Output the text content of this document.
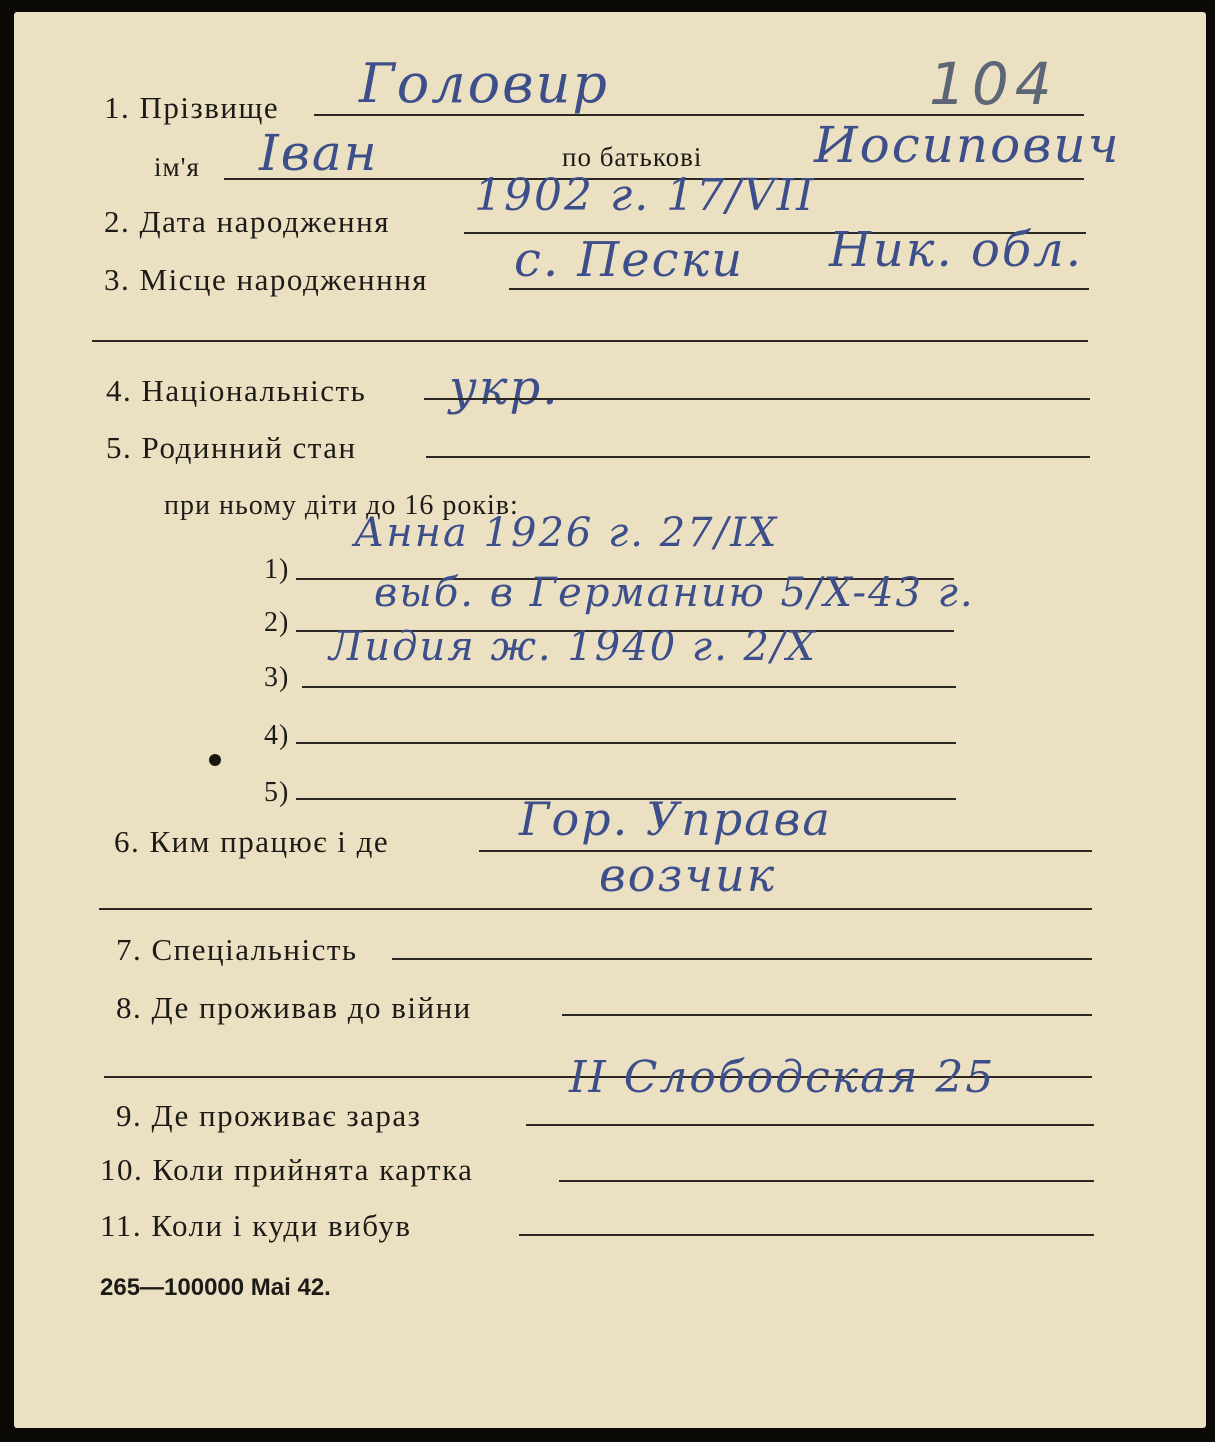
104
1. Прізвище Головир
Іван
ім'я	по батькові Иосипович
2. Дата народження
1902 г. 17/VII
3. Місце народженння с. Пески Ник. обл.
4. Національність укр.
5. Родинний стан
при ньому діти до 16 років:
1)
Анна 1926 г. 27/IX
2)
выб. в Германию 5/X-43 г.
3)
Лидия ж. 1940 г. 2/X
4)
5)
6. Ким працює і де	Гор. Управа
возчик
7. Спеціальність
8. Де проживав до війни
9. Де проживає зараз
II Слободская 25
10. Коли прийнята картка
11. Коли і куди вибув
265—100000 Mai 42.
